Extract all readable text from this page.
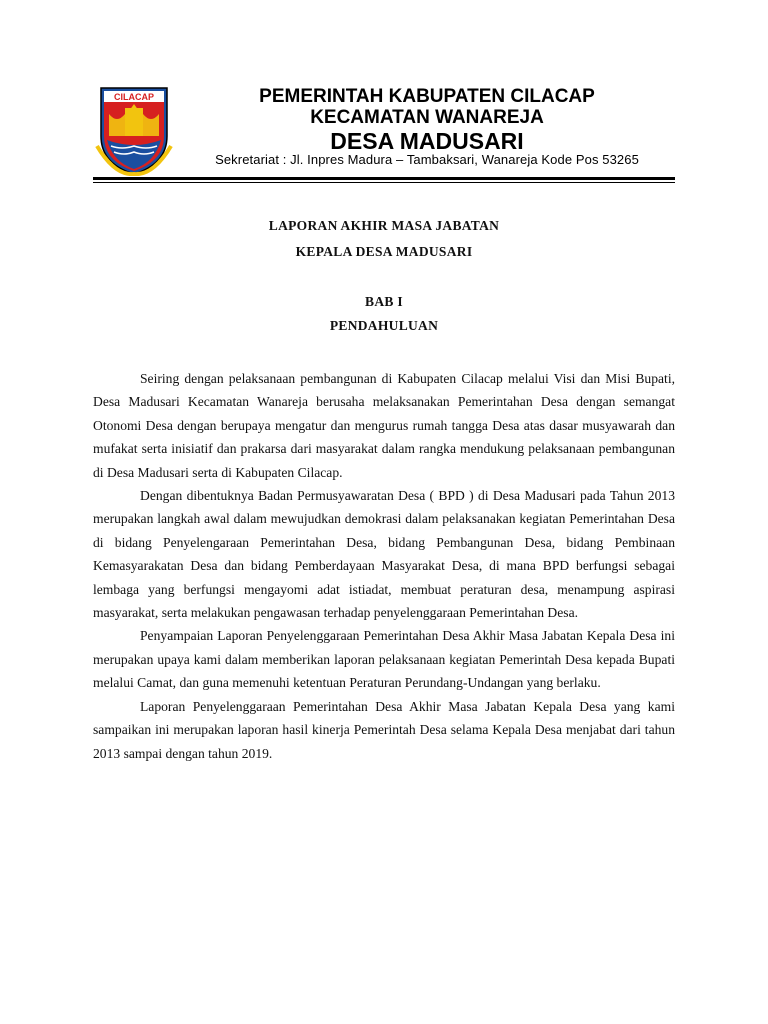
CILACAP	PEMERINTAH KABUPATEN CILACAP
KECAMATAN WANAREJA
DESA MADUSARI
Sekretariat : Jl. Inpres Madura – Tambaksari, Wanareja Kode Pos 53265
LAPORAN AKHIR MASA JABATAN
KEPALA DESA MADUSARI
BAB I
PENDAHULUAN

Seiring dengan pelaksanaan pembangunan di Kabupaten Cilacap melalui Visi dan Misi Bupati, Desa Madusari Kecamatan Wanareja berusaha melaksanakan Pemerintahan Desa dengan semangat Otonomi Desa dengan berupaya mengatur dan mengurus rumah tangga Desa atas dasar musyawarah dan mufakat serta inisiatif dan prakarsa dari masyarakat dalam rangka mendukung pelaksanaan pembangunan di Desa Madusari serta di Kabupaten Cilacap.

Dengan dibentuknya Badan Permusyawaratan Desa ( BPD ) di Desa Madusari pada Tahun 2013 merupakan langkah awal dalam mewujudkan demokrasi dalam pelaksanakan kegiatan Pemerintahan Desa di bidang Penyelengaraan Pemerintahan Desa, bidang Pembangunan Desa, bidang Pembinaan Kemasyarakatan Desa dan bidang Pemberdayaan Masyarakat Desa, di mana BPD berfungsi sebagai lembaga yang berfungsi mengayomi adat istiadat, membuat peraturan desa, menampung aspirasi masyarakat, serta melakukan pengawasan terhadap penyelenggaraan Pemerintahan Desa.

Penyampaian Laporan Penyelenggaraan Pemerintahan Desa Akhir Masa Jabatan Kepala Desa ini merupakan upaya kami dalam memberikan laporan pelaksanaan kegiatan Pemerintah Desa kepada Bupati melalui Camat, dan guna memenuhi ketentuan Peraturan Perundang-Undangan yang berlaku.

Laporan Penyelenggaraan Pemerintahan Desa Akhir Masa Jabatan Kepala Desa yang kami sampaikan ini merupakan laporan hasil kinerja Pemerintah Desa selama Kepala Desa menjabat dari tahun 2013 sampai dengan tahun 2019.
